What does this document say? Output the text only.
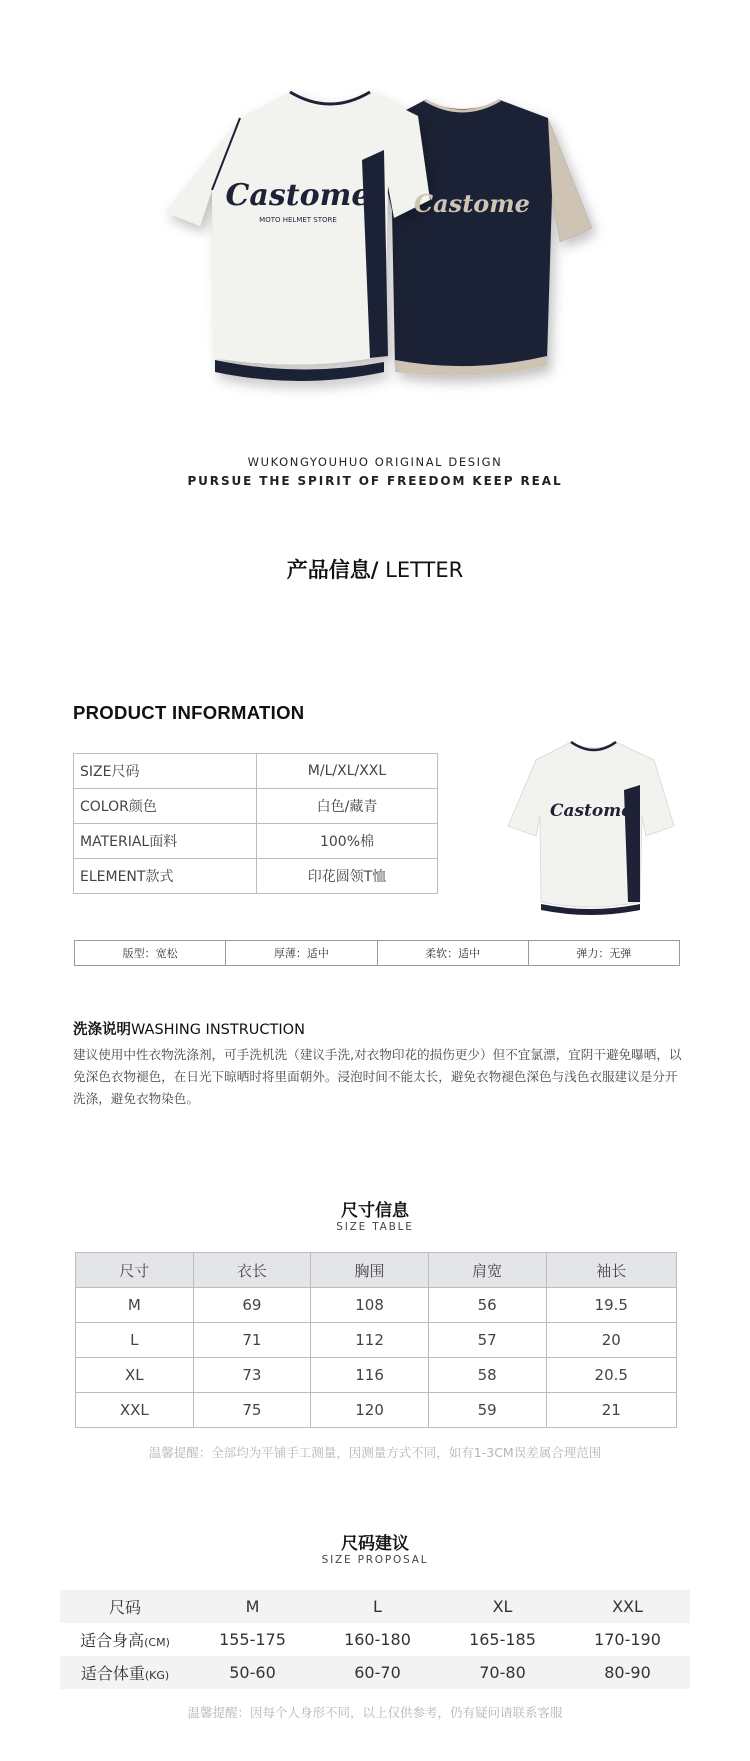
Castome
MOTO HELMET STORE
Castome
WUKONGYOUHUO ORIGINAL DESIGN
PURSUE THE SPIRIT OF FREEDOM KEEP REAL
产品信息/ LETTER
PRODUCT INFORMATION
SIZE尺码	M/L/XL/XXL
COLOR颜色	白色/藏青
MATERIAL面料	100%棉
ELEMENT款式	印花圆领T恤
Castome
版型：宽松	厚薄：适中	柔软：适中	弹力：无弹
洗涤说明WASHING INSTRUCTION
建议使用中性衣物洗涤剂，可手洗机洗（建议手洗,对衣物印花的损伤更少）但不宜氯漂，宜阴干避免曝晒，以免深色衣物褪色，在日光下晾晒时将里面朝外。浸泡时间不能太长，避免衣物褪色深色与浅色衣服建议是分开洗涤，避免衣物染色。
尺寸信息
SIZE TABLE
尺寸	衣长	胸围	肩宽	袖长
M	69	108	56	19.5
L	71	112	57	20
XL	73	116	58	20.5
XXL	75	120	59	21
温馨提醒：全部均为平铺手工测量，因测量方式不同，如有1-3CM误差属合理范围
尺码建议
SIZE PROPOSAL
尺码	M	L	XL	XXL
适合身高(CM)	155-175	160-180	165-185	170-190
适合体重(KG)	50-60	60-70	70-80	80-90
温馨提醒：因每个人身形不同，以上仅供参考，仍有疑问请联系客服
